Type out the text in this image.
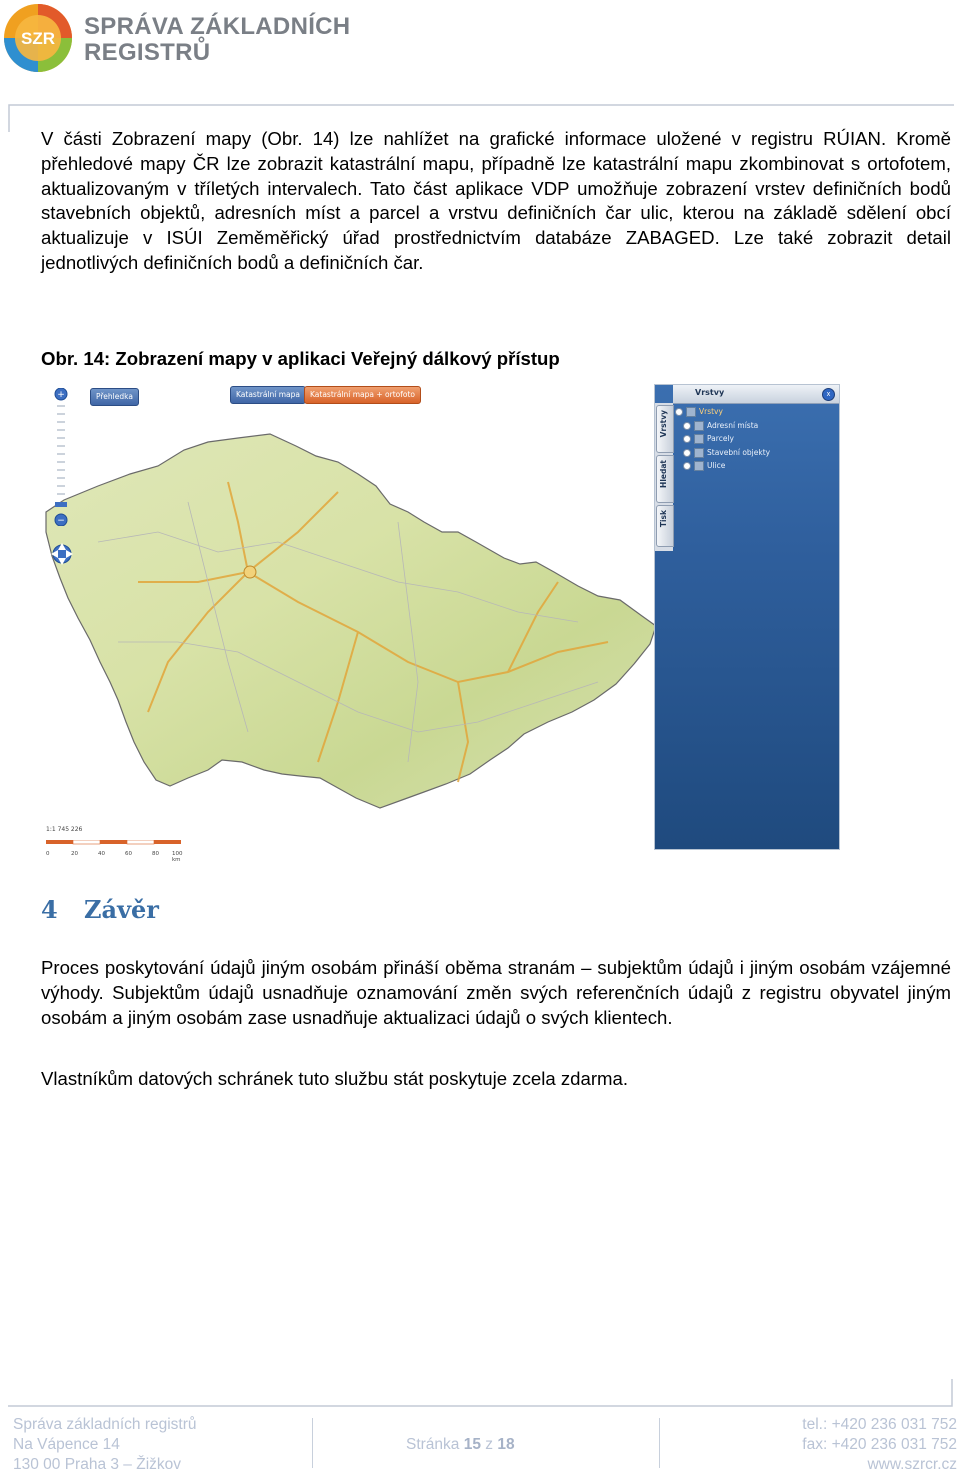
SZR SPRÁVA ZÁKLADNÍCH
REGISTRŮ

V části Zobrazení mapy (Obr. 14) lze nahlížet na grafické informace uložené v registru RÚIAN. Kromě přehledové mapy ČR lze zobrazit katastrální mapu, případně lze katastrální mapu zkombinovat s ortofotem, aktualizovaným v tříletých intervalech. Tato část aplikace VDP umožňuje zobrazení vrstev definičních bodů stavebních objektů, adresních míst a parcel a vrstvu definičních čar ulic, kterou na základě sdělení obcí aktualizuje v ISÚI Zeměměřický úřad prostřednictvím databáze ZABAGED. Lze také zobrazit detail jednotlivých definičních bodů a definičních čar.

Obr. 14: Zobrazení mapy v aplikaci Veřejný dálkový přístup
+
−
Přehledka	Katastrální mapa	Katastrální mapa + ortofoto	Vrstvy	x
Vrstvy
Hledat
Tisk
Vrstvy
Adresní místa
Parcely
Stavební objekty
Ulice
1:1 745 226
0	20	40	60	80 100 km
4 Závěr

Proces poskytování údajů jiným osobám přináší oběma stranám – subjektům údajů i jiným osobám vzájemné výhody. Subjektům údajů usnadňuje oznamování změn svých referenčních údajů z registru obyvatel jiným osobám a jiným osobám zase usnadňuje aktualizaci údajů o svých klientech.

Vlastníkům datových schránek tuto službu stát poskytuje zcela zdarma.

Správa základních registrů
Na Vápence 14
130 00 Praha 3 – Žižkov
Stránka 15 z 18
tel.: +420 236 031 752
fax: +420 236 031 752
www.szrcr.cz
